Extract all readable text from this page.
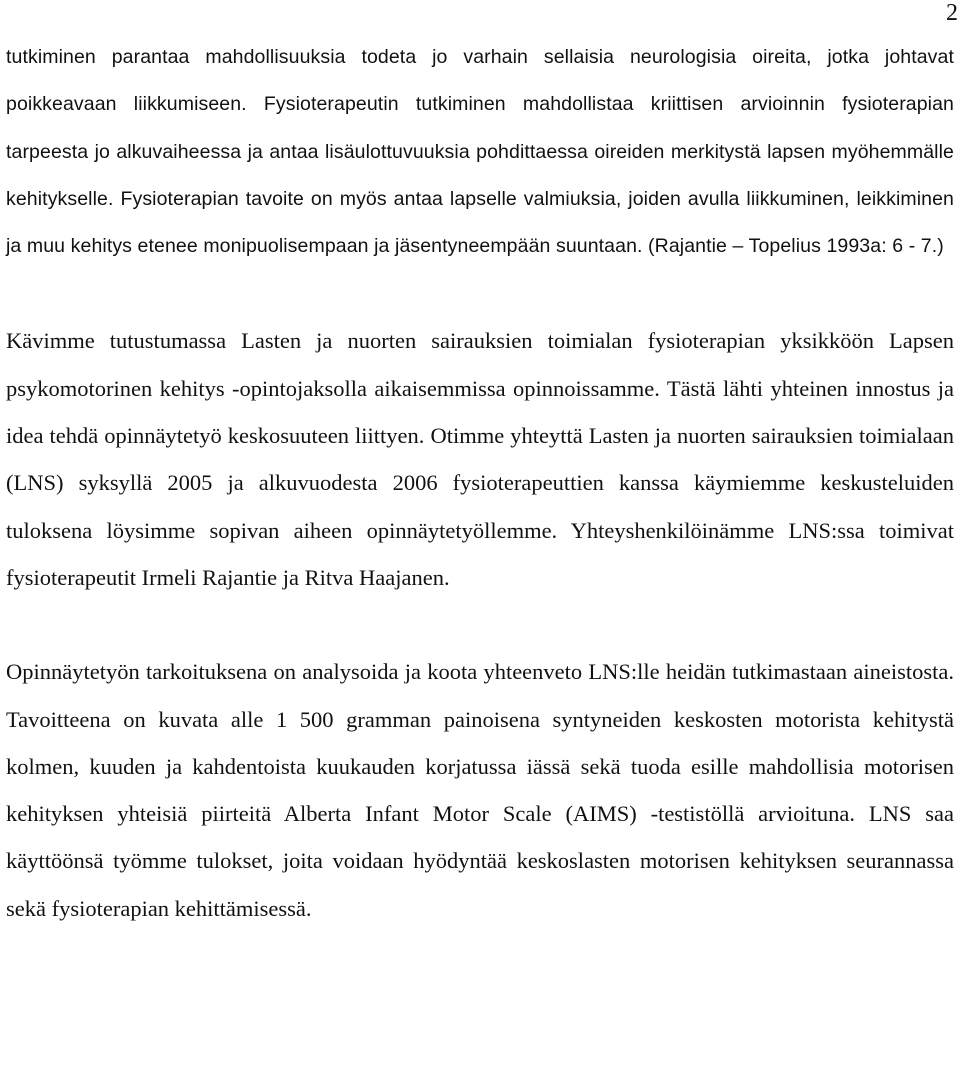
2

tutkiminen parantaa mahdollisuuksia todeta jo varhain sellaisia neurologisia oireita, jotka johtavat poikkeavaan liikkumiseen. Fysioterapeutin tutkiminen mahdollistaa kriittisen arvioinnin fysioterapian tarpeesta jo alkuvaiheessa ja antaa lisäulottuvuuksia pohdittaessa oireiden merkitystä lapsen myöhemmälle kehitykselle. Fysioterapian tavoite on myös antaa lapselle valmiuksia, joiden avulla liikkuminen, leikkiminen ja muu kehitys etenee monipuolisempaan ja jäsentyneempään suuntaan. (Rajantie – Topelius 1993a: 6 - 7.)

Kävimme tutustumassa Lasten ja nuorten sairauksien toimialan fysioterapian yksikköön Lapsen psykomotorinen kehitys -opintojaksolla aikaisemmissa opinnoissamme. Tästä lähti yhteinen innostus ja idea tehdä opinnäytetyö keskosuuteen liittyen. Otimme yhteyttä Lasten ja nuorten sairauksien toimialaan (LNS) syksyllä 2005 ja alkuvuodesta 2006 fysioterapeuttien kanssa käymiemme keskusteluiden tuloksena löysimme sopivan aiheen opinnäytetyöllemme. Yhteyshenkilöinämme LNS:ssa toimivat fysioterapeutit Irmeli Rajantie ja Ritva Haajanen.

Opinnäytetyön tarkoituksena on analysoida ja koota yhteenveto LNS:lle heidän tutkimastaan aineistosta. Tavoitteena on kuvata alle 1 500 gramman painoisena syntyneiden keskosten motorista kehitystä kolmen, kuuden ja kahdentoista kuukauden korjatussa iässä sekä tuoda esille mahdollisia motorisen kehityksen yhteisiä piirteitä Alberta Infant Motor Scale (AIMS) -testistöllä arvioituna. LNS saa käyttöönsä työmme tulokset, joita voidaan hyödyntää keskoslasten motorisen kehityksen seurannassa sekä fysioterapian kehittämisessä.
